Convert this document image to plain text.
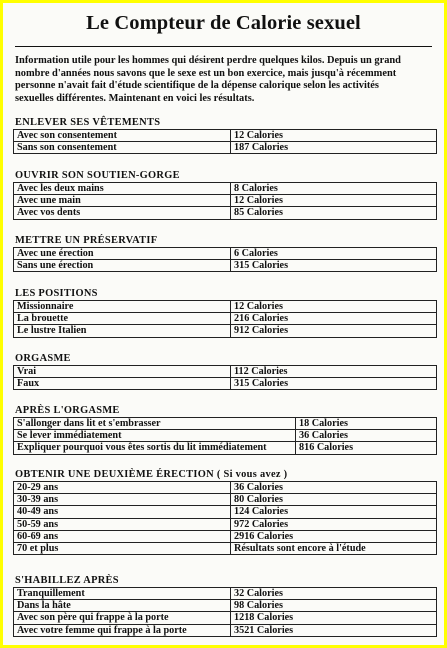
Le Compteur de Calorie sexuel
Information utile pour les hommes qui désirent perdre quelques kilos. Depuis un grand
nombre d'années nous savons que le sexe est un bon exercice, mais jusqu'à récemment
personne n'avait fait d'étude scientifique de la dépense calorique selon les activités
sexuelles différentes. Maintenant en voici les résultats.
ENLEVER SES VÊTEMENTS
Avec son consentement	12 Calories
Sans son consentement	187 Calories
OUVRIR SON SOUTIEN-GORGE
Avec les deux mains	8 Calories
Avec une main	12 Calories
Avec vos dents	85 Calories
METTRE UN PRÉSERVATIF
Avec une érection	6 Calories
Sans une érection	315 Calories
LES POSITIONS
Missionnaire	12 Calories
La brouette	216 Calories
Le lustre Italien	912 Calories
ORGASME
Vrai	112 Calories
Faux	315 Calories
APRÈS L'ORGASME
S'allonger dans lit et s'embrasser	18 Calories
Se lever immédiatement	36 Calories
Expliquer pourquoi vous êtes sortis du lit immédiatement	816 Calories
OBTENIR UNE DEUXIÈME ÉRECTION ( Si vous avez )
20-29 ans	36 Calories
30-39 ans	80 Calories
40-49 ans	124 Calories
50-59 ans	972 Calories
60-69 ans	2916 Calories
70 et plus	Résultats sont encore à l'étude
S'HABILLEZ APRÈS
Tranquillement	32 Calories
Dans la hâte	98 Calories
Avec son père qui frappe à la porte	1218 Calories
Avec votre femme qui frappe à la porte	3521 Calories
